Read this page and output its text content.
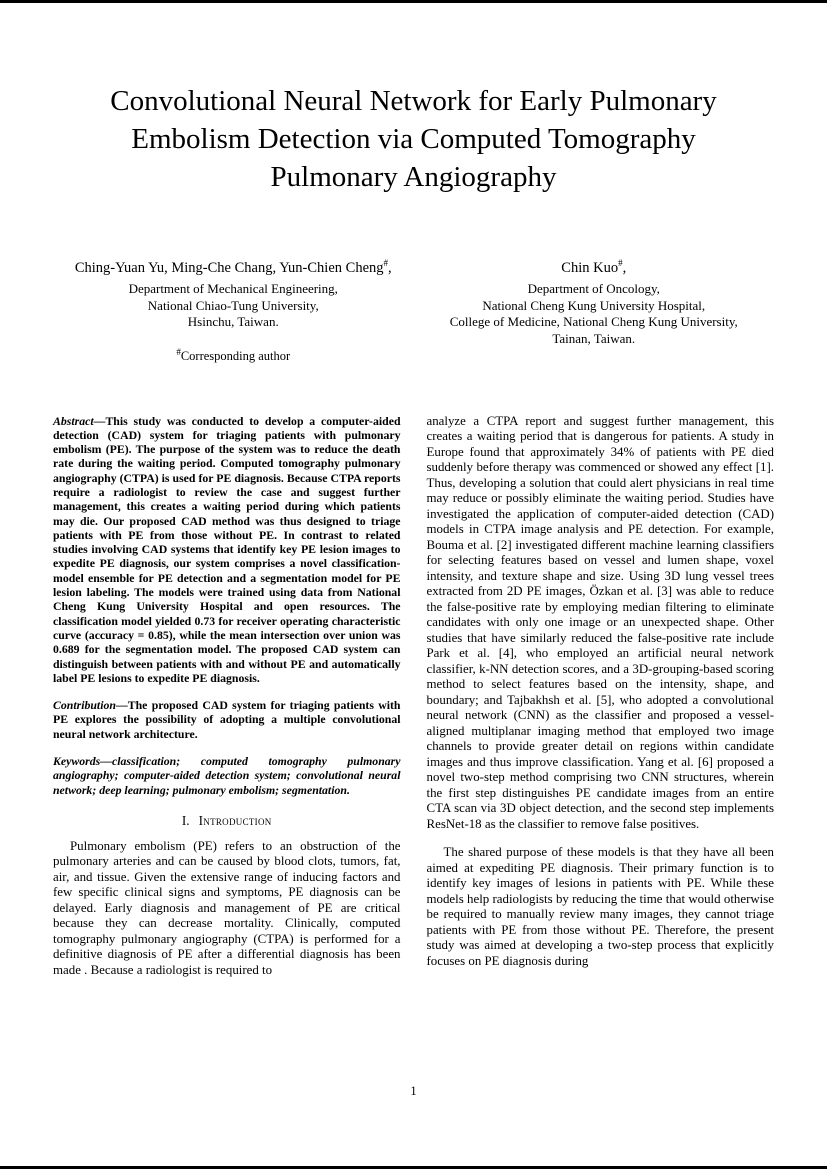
Convolutional Neural Network for Early Pulmonary
Embolism Detection via Computed Tomography
Pulmonary Angiography
Ching-Yuan Yu, Ming-Che Chang, Yun-Chien Cheng#,
Department of Mechanical Engineering,
National Chiao-Tung University,
Hsinchu, Taiwan.
#Corresponding author
Chin Kuo#,
Department of Oncology,
National Cheng Kung University Hospital,
College of Medicine, National Cheng Kung University,
Tainan, Taiwan.

Abstract—This study was conducted to develop a computer-aided detection (CAD) system for triaging patients with pulmonary embolism (PE). The purpose of the system was to reduce the death rate during the waiting period. Computed tomography pulmonary angiography (CTPA) is used for PE diagnosis. Because CTPA reports require a radiologist to review the case and suggest further management, this creates a waiting period during which patients may die. Our proposed CAD method was thus designed to triage patients with PE from those without PE. In contrast to related studies involving CAD systems that identify key PE lesion images to expedite PE diagnosis, our system comprises a novel classification-model ensemble for PE detection and a segmentation model for PE lesion labeling. The models were trained using data from National Cheng Kung University Hospital and open resources. The classification model yielded 0.73 for receiver operating characteristic curve (accuracy = 0.85), while the mean intersection over union was 0.689 for the segmentation model. The proposed CAD system can distinguish between patients with and without PE and automatically label PE lesions to expedite PE diagnosis.

Contribution—The proposed CAD system for triaging patients with PE explores the possibility of adopting a multiple convolutional neural network architecture.

Keywords—classification; computed tomography pulmonary angiography; computer-aided detection system; convolutional neural network; deep learning; pulmonary embolism; segmentation.

I. Introduction

Pulmonary embolism (PE) refers to an obstruction of the pulmonary arteries and can be caused by blood clots, tumors, fat, air, and tissue. Given the extensive range of inducing factors and few specific clinical signs and symptoms, PE diagnosis can be delayed. Early diagnosis and management of PE are critical because they can decrease mortality. Clinically, computed tomography pulmonary angiography (CTPA) is performed for a definitive diagnosis of PE after a differential diagnosis has been made . Because a radiologist is required to

analyze a CTPA report and suggest further management, this creates a waiting period that is dangerous for patients. A study in Europe found that approximately 34% of patients with PE died suddenly before therapy was commenced or showed any effect [1]. Thus, developing a solution that could alert physicians in real time may reduce or possibly eliminate the waiting period. Studies have investigated the application of computer-aided detection (CAD) models in CTPA image analysis and PE detection. For example, Bouma et al. [2] investigated different machine learning classifiers for selecting features based on vessel and lumen shape, voxel intensity, and texture shape and size. Using 3D lung vessel trees extracted from 2D PE images, Özkan et al. [3] was able to reduce the false-positive rate by employing median filtering to eliminate candidates with only one image or an unexpected shape. Other studies that have similarly reduced the false-positive rate include Park et al. [4], who employed an artificial neural network classifier, k-NN detection scores, and a 3D-grouping-based scoring method to select features based on the intensity, shape, and boundary; and Tajbakhsh et al. [5], who adopted a convolutional neural network (CNN) as the classifier and proposed a vessel-aligned multiplanar imaging method that employed two image channels to provide greater detail on regions within candidate images and thus improve classification. Yang et al. [6] proposed a novel two-step method comprising two CNN structures, wherein the first step distinguishes PE candidate images from an entire CTA scan via 3D object detection, and the second step implements ResNet-18 as the classifier to remove false positives.

The shared purpose of these models is that they have all been aimed at expediting PE diagnosis. Their primary function is to identify key images of lesions in patients with PE. While these models help radiologists by reducing the time that would otherwise be required to manually review many images, they cannot triage patients with PE from those without PE. Therefore, the present study was aimed at developing a two-step process that explicitly focuses on PE diagnosis during

1
